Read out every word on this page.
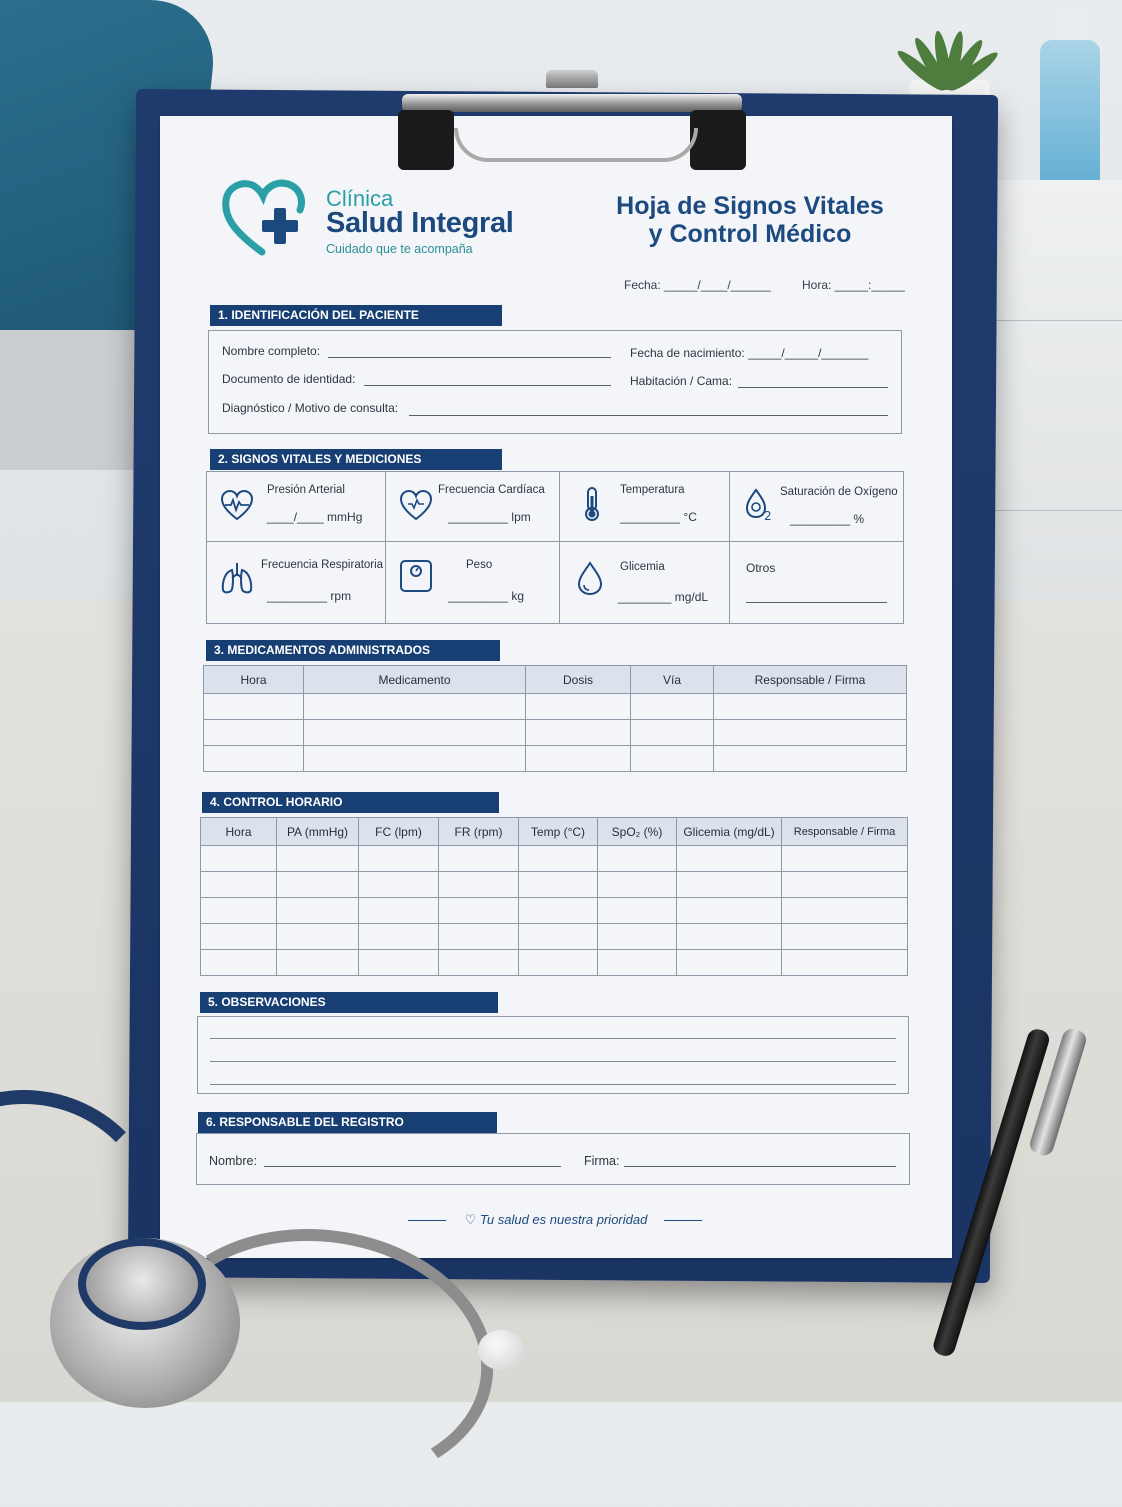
Clínica
Salud Integral
Cuidado que te acompaña
Hoja de Signos Vitales
y Control Médico
Fecha: _____/____/______	Hora: _____:_____
1. IDENTIFICACIÓN DEL PACIENTE
Nombre completo:	Fecha de nacimiento: _____/_____/_______
Documento de identidad:	Habitación / Cama:
Diagnóstico / Motivo de consulta:
2. SIGNOS VITALES Y MEDICIONES
Presión Arterial
____/____ mmHg
Frecuencia Cardíaca
_________ lpm
Temperatura
_________ °C	2
Saturación de Oxígeno
_________ %
Frecuencia Respiratoria
_________ rpm
Peso
_________ kg
Glicemia
________ mg/dL
Otros
3. MEDICAMENTOS ADMINISTRADOS
Hora	Medicamento	Dosis	Vía	Responsable / Firma

4. CONTROL HORARIO
Hora	PA (mmHg)	FC (lpm)	FR (rpm)	Temp (°C)	SpO₂ (%)	Glicemia (mg/dL)	Responsable / Firma

5. OBSERVACIONES
6. RESPONSABLE DEL REGISTRO
Nombre:	Firma:
♡ Tu salud es nuestra prioridad
